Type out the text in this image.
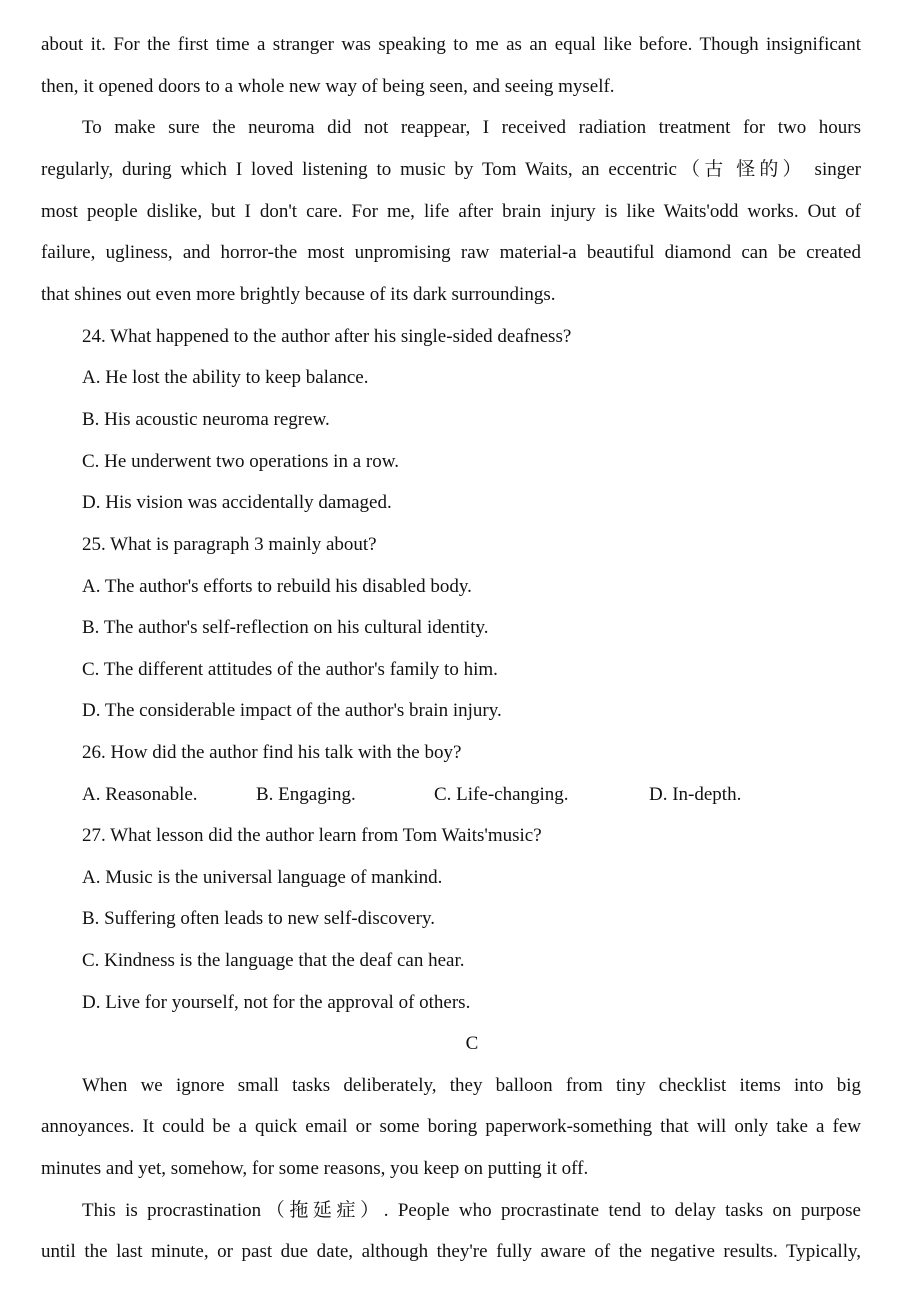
about it. For the first time a stranger was speaking to me as an equal like before. Though insignificant
then, it opened doors to a whole new way of being seen, and seeing myself.
To make sure the neuroma did not reappear, I received radiation treatment for two hours
regularly, during which I loved listening to music by Tom Waits, an eccentric（古 怪的） singer
most people dislike, but I don't care. For me, life after brain injury is like Waits'odd works. Out of
failure, ugliness, and horror-the most unpromising raw material-a beautiful diamond can be created
that shines out even more brightly because of its dark surroundings.
24. What happened to the author after his single-sided deafness?
A. He lost the ability to keep balance.
B. His acoustic neuroma regrew.
C. He underwent two operations in a row.
D. His vision was accidentally damaged.
25. What is paragraph 3 mainly about?
A. The author's efforts to rebuild his disabled body.
B. The author's self-reflection on his cultural identity.
C. The different attitudes of the author's family to him.
D. The considerable impact of the author's brain injury.
26. How did the author find his talk with the boy?
A. Reasonable.	B. Engaging.	C. Life-changing.	D. In-depth.
27. What lesson did the author learn from Tom Waits'music?
A. Music is the universal language of mankind.
B. Suffering often leads to new self-discovery.
C. Kindness is the language that the deaf can hear.
D. Live for yourself, not for the approval of others.
C
When we ignore small tasks deliberately, they balloon from tiny checklist items into big
annoyances. It could be a quick email or some boring paperwork-something that will only take a few
minutes and yet, somehow, for some reasons, you keep on putting it off.
This is procrastination（拖延症）. People who procrastinate tend to delay tasks on purpose
until the last minute, or past due date, although they're fully aware of the negative results. Typically,
